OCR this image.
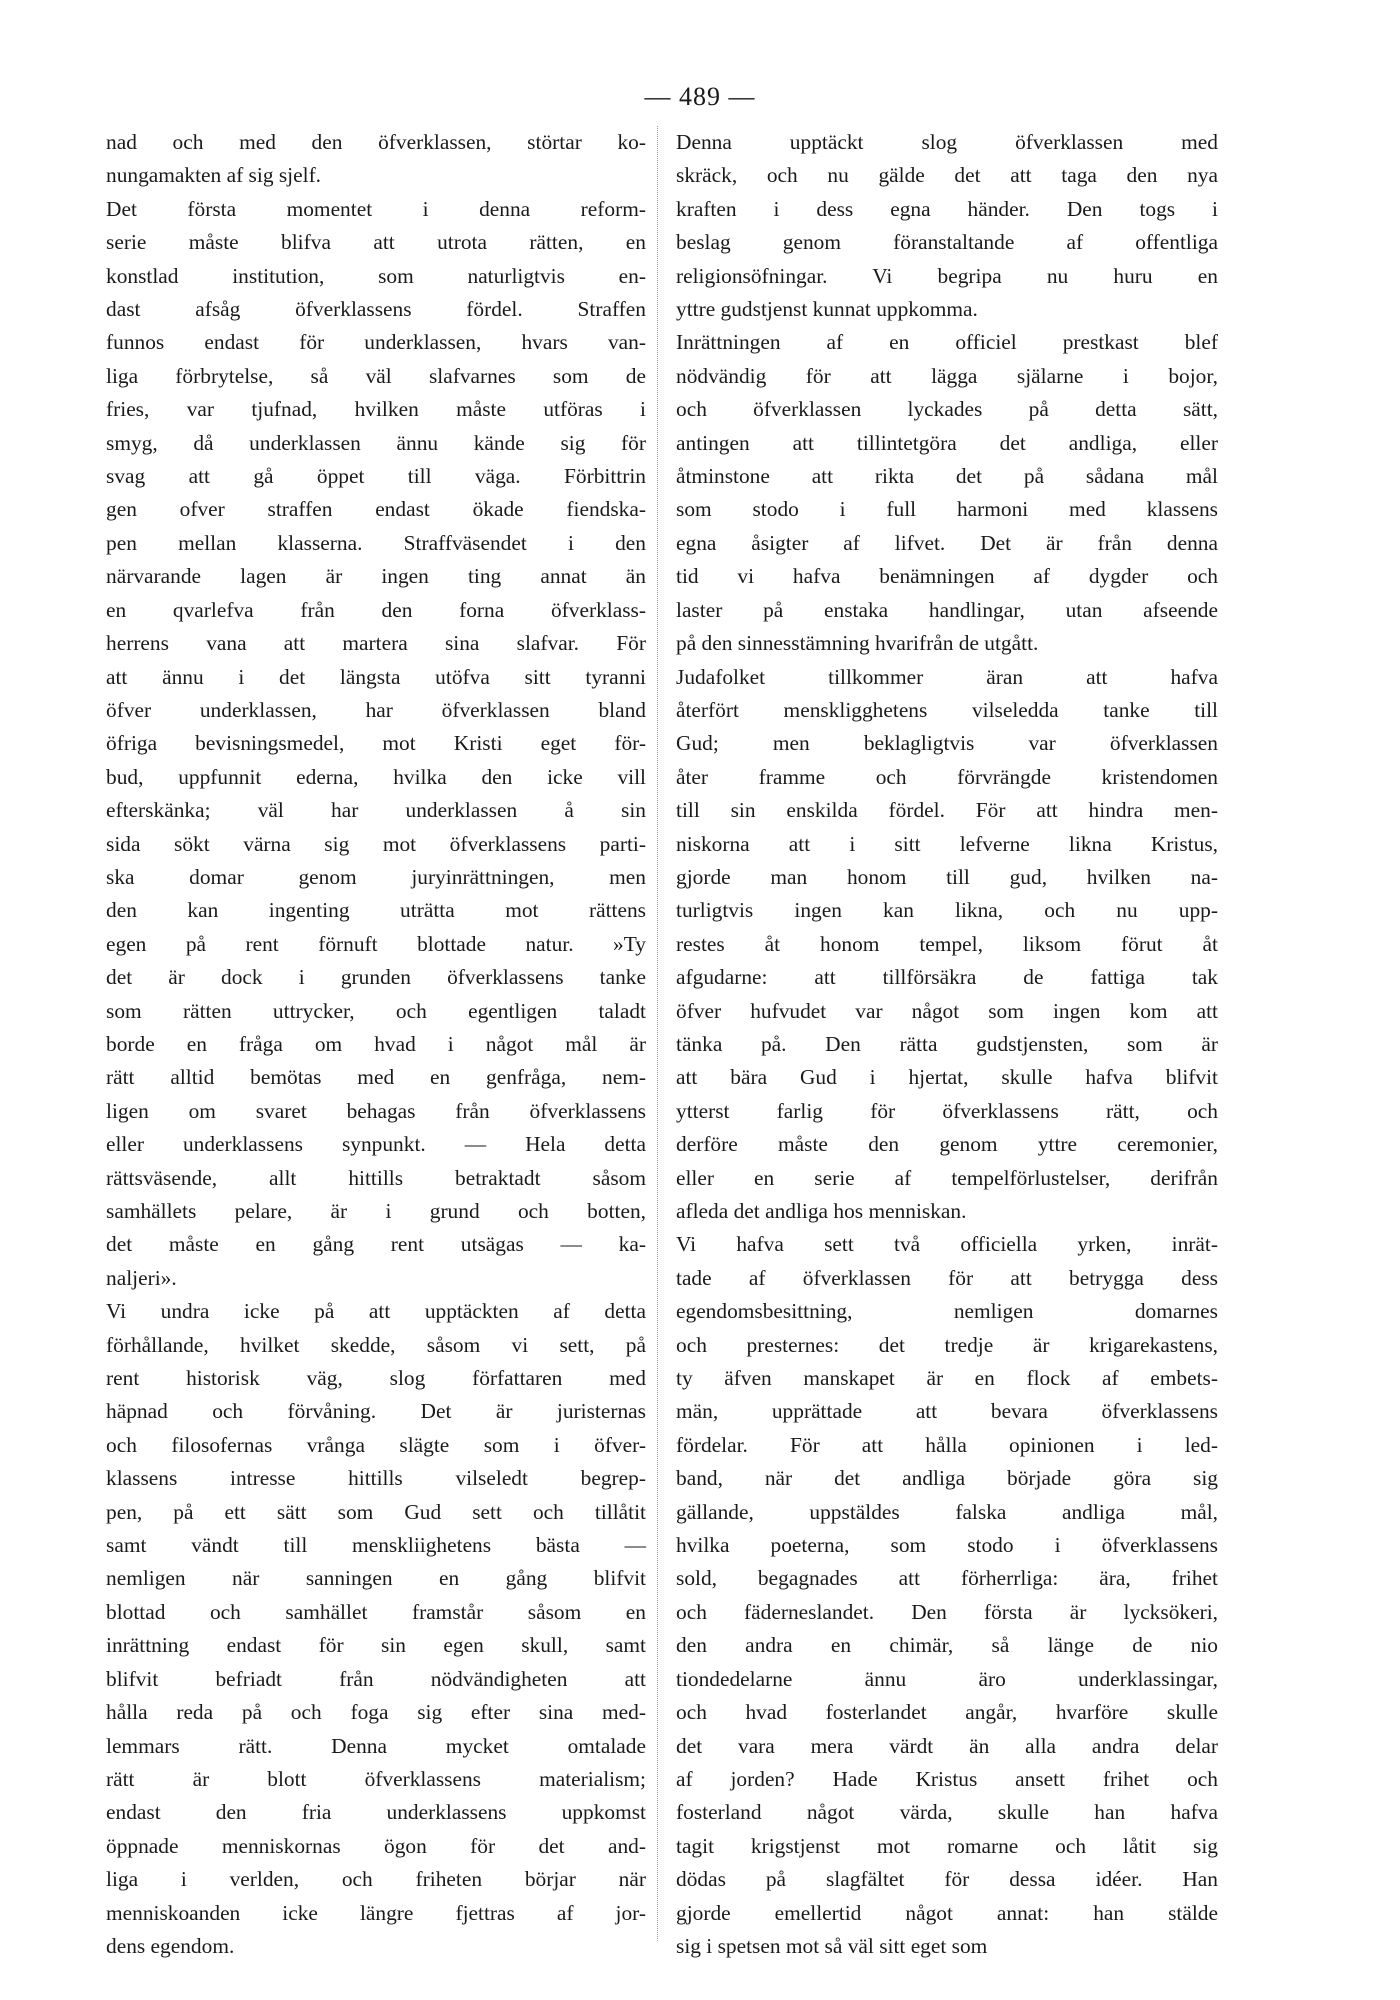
— 489 —
nad och med den öfverklassen, störtar ko-
nungamakten af sig sjelf.
Det första momentet i denna reform-
serie måste blifva att utrota rätten, en
konstlad institution, som naturligtvis en-
dast afsåg öfverklassens fördel. Straffen
funnos endast för underklassen, hvars van-
liga förbrytelse, så väl slafvarnes som de
fries, var tjufnad, hvilken måste utföras i
smyg, då underklassen ännu kände sig för
svag att gå öppet till väga. Förbittrin
gen ofver straffen endast ökade fiendska-
pen mellan klasserna. Straffväsendet i den
närvarande lagen är ingen ting annat än
en qvarlefva från den forna öfverklass-
herrens vana att martera sina slafvar. För
att ännu i det längsta utöfva sitt tyranni
öfver underklassen, har öfverklassen bland
öfriga bevisningsmedel, mot Kristi eget för-
bud, uppfunnit ederna, hvilka den icke vill
efterskänka; väl har underklassen å sin
sida sökt värna sig mot öfverklassens parti-
ska domar genom juryinrättningen, men
den kan ingenting uträtta mot rättens
egen på rent förnuft blottade natur. »Ty
det är dock i grunden öfverklassens tanke
som rätten uttrycker, och egentligen taladt
borde en fråga om hvad i något mål är
rätt alltid bemötas med en genfråga, nem-
ligen om svaret behagas från öfverklassens
eller underklassens synpunkt. — Hela detta
rättsväsende, allt hittills betraktadt såsom
samhällets pelare, är i grund och botten,
det måste en gång rent utsägas — ka-
naljeri».
Vi undra icke på att upptäckten af detta
förhållande, hvilket skedde, såsom vi sett, på
rent historisk väg, slog författaren med
häpnad och förvåning. Det är juristernas
och filosofernas vrånga slägte som i öfver-
klassens intresse hittills vilseledt begrep-
pen, på ett sätt som Gud sett och tillåtit
samt vändt till menskliighetens bästa —
nemligen när sanningen en gång blifvit
blottad och samhället framstår såsom en
inrättning endast för sin egen skull, samt
blifvit befriadt från nödvändigheten att
hålla reda på och foga sig efter sina med-
lemmars rätt. Denna mycket omtalade
rätt är blott öfverklassens materialism;
endast den fria underklassens uppkomst
öppnade menniskornas ögon för det and-
liga i verlden, och friheten börjar när
menniskoanden icke längre fjettras af jor-
dens egendom.
Denna upptäckt slog öfverklassen med
skräck, och nu gälde det att taga den nya
kraften i dess egna händer. Den togs i
beslag genom föranstaltande af offentliga
religionsöfningar. Vi begripa nu huru en
yttre gudstjenst kunnat uppkomma.
Inrättningen af en officiel prestkast blef
nödvändig för att lägga själarne i bojor,
och öfverklassen lyckades på detta sätt,
antingen att tillintetgöra det andliga, eller
åtminstone att rikta det på sådana mål
som stodo i full harmoni med klassens
egna åsigter af lifvet. Det är från denna
tid vi hafva benämningen af dygder och
laster på enstaka handlingar, utan afseende
på den sinnesstämning hvarifrån de utgått.
Judafolket tillkommer äran att hafva
återfört menskligghetens vilseledda tanke till
Gud; men beklagligtvis var öfverklassen
åter framme och förvrängde kristendomen
till sin enskilda fördel. För att hindra men-
niskorna att i sitt lefverne likna Kristus,
gjorde man honom till gud, hvilken na-
turligtvis ingen kan likna, och nu upp-
restes åt honom tempel, liksom förut åt
afgudarne: att tillförsäkra de fattiga tak
öfver hufvudet var något som ingen kom att
tänka på. Den rätta gudstjensten, som är
att bära Gud i hjertat, skulle hafva blifvit
ytterst farlig för öfverklassens rätt, och
derföre måste den genom yttre ceremonier,
eller en serie af tempelförlustelser, derifrån
afleda det andliga hos menniskan.
Vi hafva sett två officiella yrken, inrät-
tade af öfverklassen för att betrygga dess
egendomsbesittning, nemligen domarnes
och presternes: det tredje är krigarekastens,
ty äfven manskapet är en flock af embets-
män, upprättade att bevara öfverklassens
fördelar. För att hålla opinionen i led-
band, när det andliga började göra sig
gällande, uppstäldes falska andliga mål,
hvilka poeterna, som stodo i öfverklassens
sold, begagnades att förherrliga: ära, frihet
och fäderneslandet. Den första är lycksökeri,
den andra en chimär, så länge de nio
tiondedelarne ännu äro underklassingar,
och hvad fosterlandet angår, hvarföre skulle
det vara mera värdt än alla andra delar
af jorden? Hade Kristus ansett frihet och
fosterland något värda, skulle han hafva
tagit krigstjenst mot romarne och låtit sig
dödas på slagfältet för dessa idéer. Han
gjorde emellertid något annat: han stälde
sig i spetsen mot så väl sitt eget som
